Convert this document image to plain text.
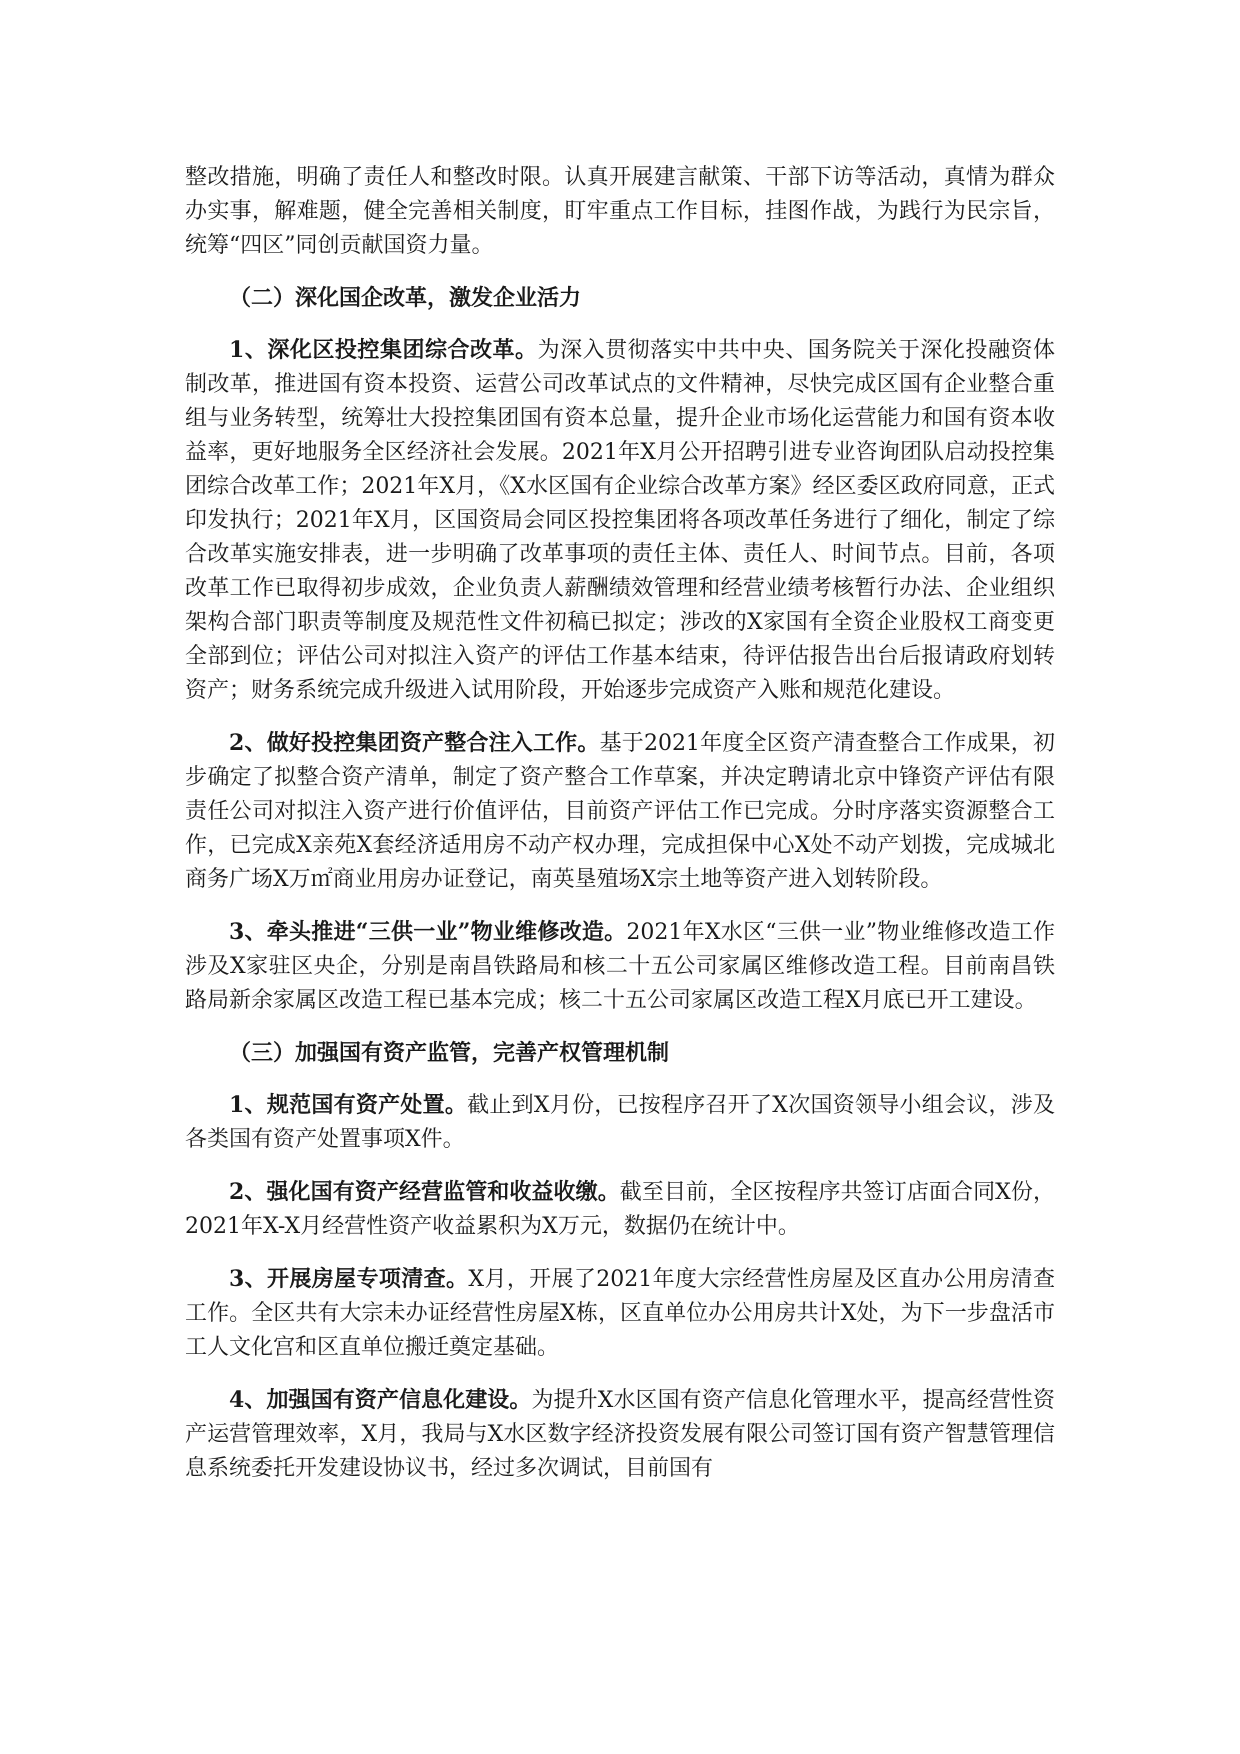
整改措施，明确了责任人和整改时限。认真开展建言献策、干部下访等活动，真情为群众办实事，解难题，健全完善相关制度，盯牢重点工作目标，挂图作战，为践行为民宗旨，统筹“四区”同创贡献国资力量。

（二）深化国企改革，激发企业活力

1、深化区投控集团综合改革。为深入贯彻落实中共中央、国务院关于深化投融资体制改革，推进国有资本投资、运营公司改革试点的文件精神，尽快完成区国有企业整合重组与业务转型，统筹壮大投控集团国有资本总量，提升企业市场化运营能力和国有资本收益率，更好地服务全区经济社会发展。2021年X月公开招聘引进专业咨询团队启动投控集团综合改革工作；2021年X月，《X水区国有企业综合改革方案》经区委区政府同意，正式印发执行；2021年X月，区国资局会同区投控集团将各项改革任务进行了细化，制定了综合改革实施安排表，进一步明确了改革事项的责任主体、责任人、时间节点。目前，各项改革工作已取得初步成效，企业负责人薪酬绩效管理和经营业绩考核暂行办法、企业组织架构合部门职责等制度及规范性文件初稿已拟定；涉改的X家国有全资企业股权工商变更全部到位；评估公司对拟注入资产的评估工作基本结束，待评估报告出台后报请政府划转资产；财务系统完成升级进入试用阶段，开始逐步完成资产入账和规范化建设。

2、做好投控集团资产整合注入工作。基于2021年度全区资产清查整合工作成果，初步确定了拟整合资产清单，制定了资产整合工作草案，并决定聘请北京中锋资产评估有限责任公司对拟注入资产进行价值评估，目前资产评估工作已完成。分时序落实资源整合工作，已完成X亲苑X套经济适用房不动产权办理，完成担保中心X处不动产划拨，完成城北商务广场X万㎡商业用房办证登记，南英垦殖场X宗土地等资产进入划转阶段。

3、牵头推进“三供一业”物业维修改造。2021年X水区“三供一业”物业维修改造工作涉及X家驻区央企，分别是南昌铁路局和核二十五公司家属区维修改造工程。目前南昌铁路局新余家属区改造工程已基本完成；核二十五公司家属区改造工程X月底已开工建设。

（三）加强国有资产监管，完善产权管理机制

1、规范国有资产处置。截止到X月份，已按程序召开了X次国资领导小组会议，涉及各类国有资产处置事项X件。

2、强化国有资产经营监管和收益收缴。截至目前，全区按程序共签订店面合同X份，2021年X-X月经营性资产收益累积为X万元，数据仍在统计中。

3、开展房屋专项清查。X月，开展了2021年度大宗经营性房屋及区直办公用房清查工作。全区共有大宗未办证经营性房屋X栋，区直单位办公用房共计X处，为下一步盘活市工人文化宫和区直单位搬迁奠定基础。

4、加强国有资产信息化建设。为提升X水区国有资产信息化管理水平，提高经营性资产运营管理效率，X月，我局与X水区数字经济投资发展有限公司签订国有资产智慧管理信息系统委托开发建设协议书，经过多次调试，目前国有
